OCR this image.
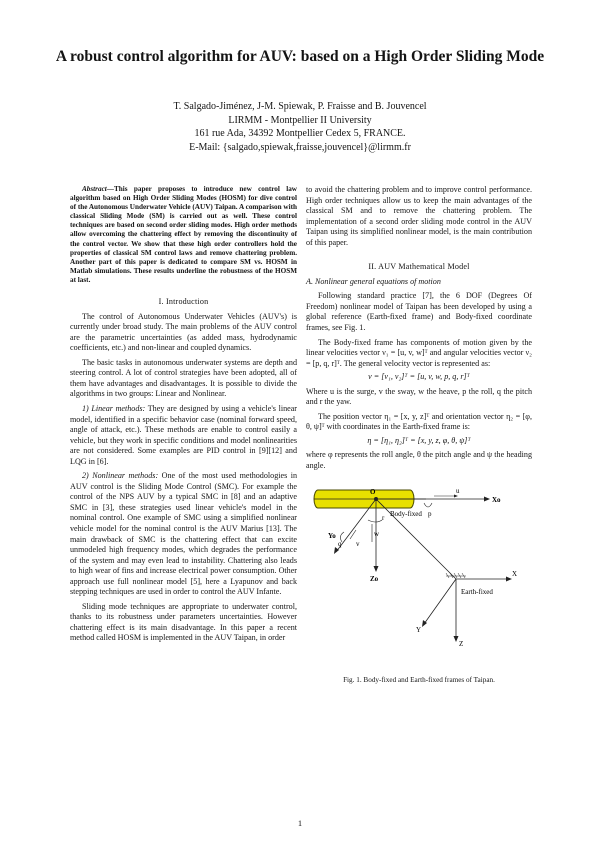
A robust control algorithm for AUV: based on a High Order Sliding Mode
T. Salgado-Jiménez, J-M. Spiewak, P. Fraisse and B. Jouvencel
LIRMM - Montpellier II University
161 rue Ada, 34392 Montpellier Cedex 5, FRANCE.
E-Mail: {salgado,spiewak,fraisse,jouvencel}@lirmm.fr

Abstract—This paper proposes to introduce new control law algorithm based on High Order Sliding Modes (HOSM) for dive control of the Autonomous Underwater Vehicle (AUV) Taipan. A comparison with classical Sliding Mode (SM) is carried out as well. These control techniques are based on second order sliding modes. High order methods allow overcoming the chattering effect by removing the discontinuity of the control vector. We show that these high order controllers hold the properties of classical SM control laws and remove chattering problem. Another part of this paper is dedicated to compare SM vs. HOSM in Matlab simulations. These results underline the robustness of the HOSM at last.

I. Introduction

The control of Autonomous Underwater Vehicles (AUV's) is currently under broad study. The main problems of the AUV control are the parametric uncertainties (as added mass, hydrodynamic coefficients, etc.) and non-linear and coupled dynamics.

The basic tasks in autonomous underwater systems are depth and steering control. A lot of control strategies have been adopted, all of them have advantages and disadvantages. It is possible to divide the algorithms in two groups: Linear and Nonlinear.

1) Linear methods: They are designed by using a vehicle's linear model, identified in a specific behavior case (nominal forward speed, angle of attack, etc.). These methods are enable to control easily a vehicle, but they work in specific conditions and model nonlinearities are not considered. Some examples are PID control in [9][12] and LQG in [6].

2) Nonlinear methods: One of the most used methodologies in AUV control is the Sliding Mode Control (SMC). For example the control of the NPS AUV by a typical SMC in [8] and an adaptive SMC in [3], these strategies used linear vehicle's model in the nominal control. One example of SMC using a simplified nonlinear vehicle model for the nominal control is the AUV Marius [13]. The main drawback of SMC is the chattering effect that can excite unmodeled high frequency modes, which degrades the performance of the system and may even lead to instability. Chattering also leads to high wear of fins and increase electrical power consumption. Other approach use full nonlinear model [5], here a Lyapunov and back stepping techniques are used in order to control the AUV Infante.

Sliding mode techniques are appropriate to underwater control, thanks to its robustness under parameters uncertainties. However chattering effect is its main disadvantage. In this paper a recent method called HOSM is implemented in the AUV Taipan, in order

to avoid the chattering problem and to improve control performance. High order techniques allow us to keep the main advantages of the classical SM and to remove the chattering problem. The implementation of a second order sliding mode control in the AUV Taipan using its simplified nonlinear model, is the main contribution of this paper.

II. AUV Mathematical Model
A. Nonlinear general equations of motion

Following standard practice [7], the 6 DOF (Degrees Of Freedom) nonlinear model of Taipan has been developed by using a global reference (Earth-fixed frame) and Body-fixed coordinate frames, see Fig. 1.

The Body-fixed frame has components of motion given by the linear velocities vector ν₁ = [u, v, w]ᵀ and angular velocities vector ν₂ = [p, q, r]ᵀ. The general velocity vector is represented as:

ν = [ν₁, ν₂]ᵀ = [u, v, w, p, q, r]ᵀ

Where u is the surge, v the sway, w the heave, p the roll, q the pitch and r the yaw.

The position vector η₁ = [x, y, z]ᵀ and orientation vector η₂ = [φ, θ, ψ]ᵀ with coordinates in the Earth-fixed frame is:

η = [η₁, η₂]ᵀ = [x, y, z, φ, θ, ψ]ᵀ

where φ represents the roll angle, θ the pitch angle and ψ the heading angle.

O	u
Xo
p
Body-fixed
Yo
v
q
r
w
Zo
X
Earth-fixed
Y
Z
Fig. 1. Body-fixed and Earth-fixed frames of Taipan.
1
